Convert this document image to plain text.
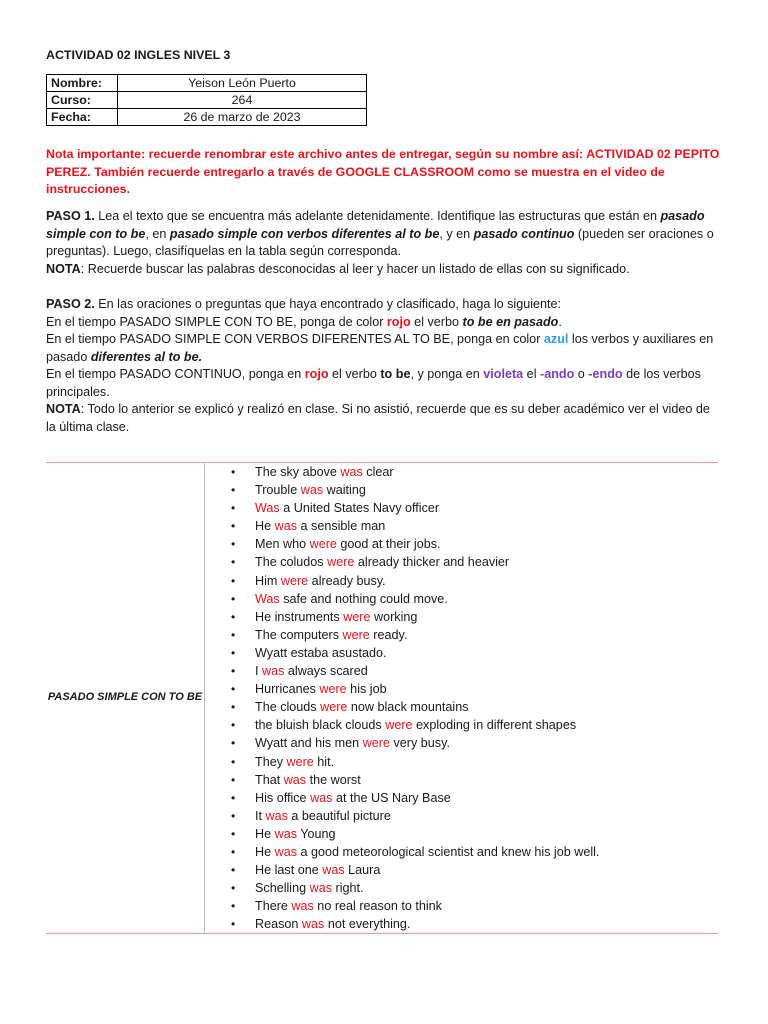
ACTIVIDAD 02 INGLES NIVEL 3
Nombre:	Yeison León Puerto
Curso:	264
Fecha:	26 de marzo de 2023
Nota importante: recuerde renombrar este archivo antes de entregar, según su nombre así: ACTIVIDAD 02 PEPITO PEREZ. También recuerde entregarlo a través de GOOGLE CLASSROOM como se muestra en el video de instrucciones.

PASO 1. Lea el texto que se encuentra más adelante detenidamente. Identifique las estructuras que están en pasado simple con to be, en pasado simple con verbos diferentes al to be, y en pasado continuo (pueden ser oraciones o preguntas). Luego, clasifíquelas en la tabla según corresponda.

NOTA: Recuerde buscar las palabras desconocidas al leer y hacer un listado de ellas con su significado.

PASO 2. En las oraciones o preguntas que haya encontrado y clasificado, haga lo siguiente:

En el tiempo PASADO SIMPLE CON TO BE, ponga de color rojo el verbo to be en pasado.

En el tiempo PASADO SIMPLE CON VERBOS DIFERENTES AL TO BE, ponga en color azul los verbos y auxiliares en pasado diferentes al to be.

En el tiempo PASADO CONTINUO, ponga en rojo el verbo to be, y ponga en violeta el -ando o -endo de los verbos principales.

NOTA: Todo lo anterior se explicó y realizó en clase. Si no asistió, recuerde que es su deber académico ver el video de la última clase.

PASADO SIMPLE CON TO BE	
• The sky above was clear
• Trouble was waiting
• Was a United States Navy officer
• He was a sensible man
• Men who were good at their jobs.
• The coludos were already thicker and heavier
• Him were already busy.
• Was safe and nothing could move.
• He instruments were working
• The computers were ready.
• Wyatt estaba asustado.
• I was always scared
• Hurricanes were his job
• The clouds were now black mountains
• the bluish black clouds were exploding in different shapes
• Wyatt and his men were very busy.
• They were hit.
• That was the worst
• His office was at the US Nary Base
• It was a beautiful picture
• He was Young
• He was a good meteorological scientist and knew his job well.
• He last one was Laura
• Schelling was right.
• There was no real reason to think
• Reason was not everything.
